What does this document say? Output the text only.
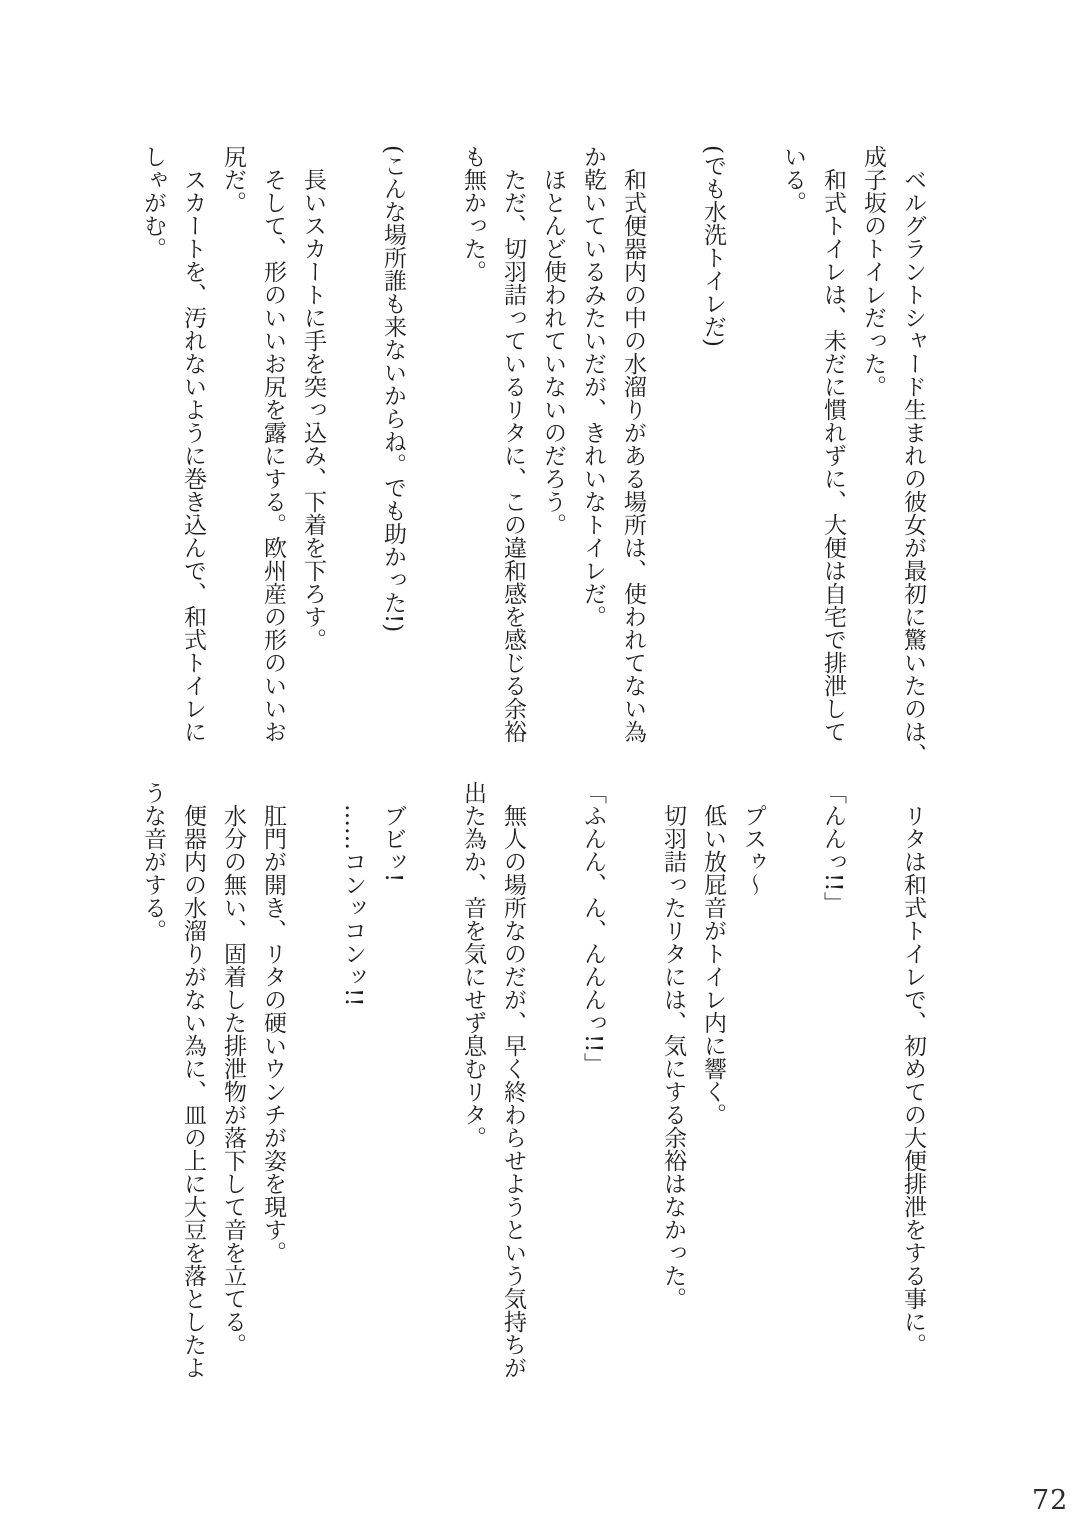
ベルグラントシャード生まれの彼女が最初に驚いたのは、

成子坂のトイレだった。

和式トイレは、未だに慣れずに、大便は自宅で排泄して

いる。

(でも水洗トイレだ)

和式便器内の中の水溜りがある場所は、使われてない為

か乾いているみたいだが、きれいなトイレだ。

ほとんど使われていないのだろう。

ただ、切羽詰っているリタに、この違和感を感じる余裕

も無かった。

(こんな場所誰も来ないからね。でも助かった!)

長いスカートに手を突っ込み、下着を下ろす。

そして、形のいいお尻を露にする。欧州産の形のいいお

尻だ。

スカートを、汚れないように巻き込んで、和式トイレに

しゃがむ。

リタは和式トイレで、初めての大便排泄をする事に。

「んんっ!!」

プスゥ〜

低い放屁音がトイレ内に響く。

切羽詰ったリタには、気にする余裕はなかった。

「ふんん、ん、んんんっ!!」

無人の場所なのだが、早く終わらせようという気持ちが

出た為か、音を気にせず息むリタ。

ブビッ!

……コンッコンッ!!

肛門が開き、リタの硬いウンチが姿を現す。

水分の無い、固着した排泄物が落下して音を立てる。

便器内の水溜りがない為に、皿の上に大豆を落としたよ

うな音がする。

72
